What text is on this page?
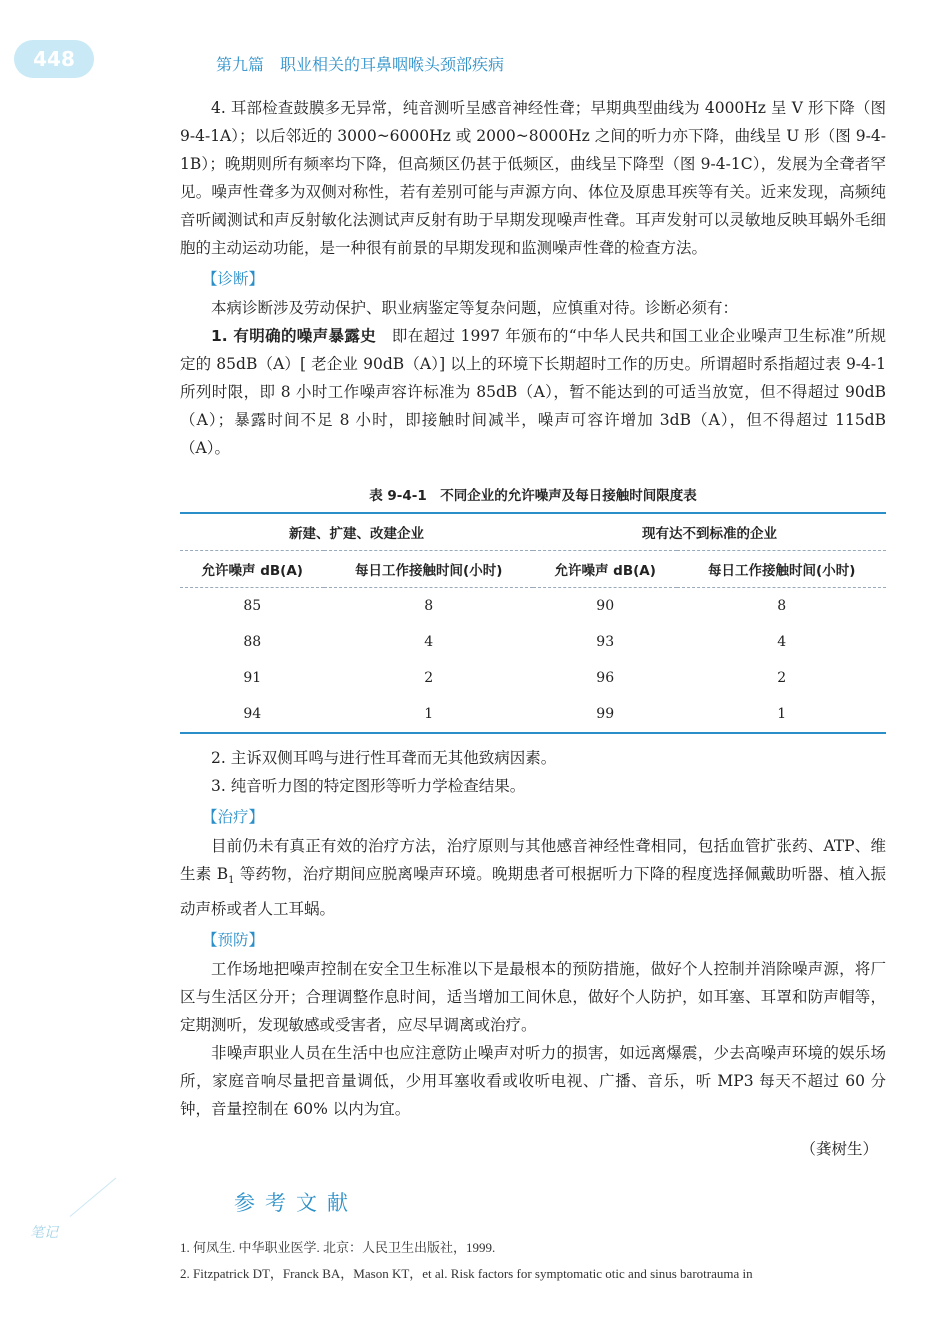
448	第九篇　职业相关的耳鼻咽喉头颈部疾病
笔记

4. 耳部检查鼓膜多无异常，纯音测听呈感音神经性聋；早期典型曲线为 4000Hz 呈 V 形下降（图 9-4-1A）；以后邻近的 3000~6000Hz 或 2000~8000Hz 之间的听力亦下降，曲线呈 U 形（图 9-4-1B）；晚期则所有频率均下降，但高频区仍甚于低频区，曲线呈下降型（图 9-4-1C），发展为全聋者罕见。噪声性聋多为双侧对称性，若有差别可能与声源方向、体位及原患耳疾等有关。近来发现，高频纯音听阈测试和声反射敏化法测试声反射有助于早期发现噪声性聋。耳声发射可以灵敏地反映耳蜗外毛细胞的主动运动功能，是一种很有前景的早期发现和监测噪声性聋的检查方法。

【诊断】

本病诊断涉及劳动保护、职业病鉴定等复杂问题，应慎重对待。诊断必须有：

1. 有明确的噪声暴露史　即在超过 1997 年颁布的“中华人民共和国工业企业噪声卫生标准”所规定的 85dB（A）[ 老企业 90dB（A）] 以上的环境下长期超时工作的历史。所谓超时系指超过表 9-4-1 所列时限，即 8 小时工作噪声容许标准为 85dB（A），暂不能达到的可适当放宽，但不得超过 90dB（A）；暴露时间不足 8 小时，即接触时间减半，噪声可容许增加 3dB（A），但不得超过 115dB（A）。

表 9-4-1　不同企业的允许噪声及每日接触时间限度表
新建、扩建、改建企业		现有达不到标准的企业	
允许噪声 dB(A)	每日工作接触时间(小时)	允许噪声 dB(A)	每日工作接触时间(小时)
85	8	90	8
88	4	93	4
91	2	96	2
94	1	99	1

2. 主诉双侧耳鸣与进行性耳聋而无其他致病因素。

3. 纯音听力图的特定图形等听力学检查结果。

【治疗】

目前仍未有真正有效的治疗方法，治疗原则与其他感音神经性聋相同，包括血管扩张药、ATP、维生素 $B_1$ 等药物，治疗期间应脱离噪声环境。晚期患者可根据听力下降的程度选择佩戴助听器、植入振动声桥或者人工耳蜗。

【预防】

工作场地把噪声控制在安全卫生标准以下是最根本的预防措施，做好个人控制并消除噪声源，将厂区与生活区分开；合理调整作息时间，适当增加工间休息，做好个人防护，如耳塞、耳罩和防声帽等，定期测听，发现敏感或受害者，应尽早调离或治疗。

非噪声职业人员在生活中也应注意防止噪声对听力的损害，如远离爆震，少去高噪声环境的娱乐场所，家庭音响尽量把音量调低，少用耳塞收看或收听电视、广播、音乐，听 MP3 每天不超过 60 分钟，音量控制在 60% 以内为宜。

（龚树生）
参考文献
1. 何凤生. 中华职业医学. 北京：人民卫生出版社，1999.
2. Fitzpatrick DT，Franck BA，Mason KT，et al. Risk factors for symptomatic otic and sinus barotrauma in
